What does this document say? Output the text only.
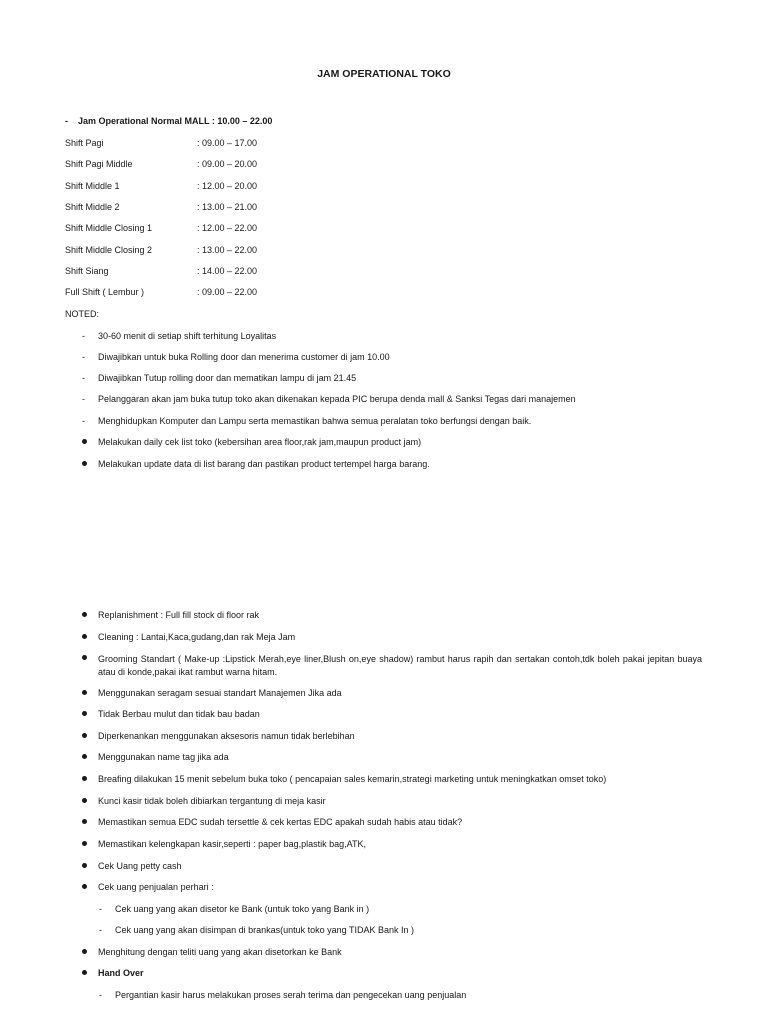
JAM OPERATIONAL TOKO
- Jam Operational Normal MALL : 10.00 – 22.00
Shift Pagi	: 09.00 – 17.00
Shift Pagi Middle	: 09.00 – 20.00
Shift Middle 1	: 12.00 – 20.00
Shift Middle 2	: 13.00 – 21.00
Shift Middle Closing 1	: 12.00 – 22.00
Shift Middle Closing 2	: 13.00 – 22.00
Shift Siang	: 14.00 – 22.00
Full Shift ( Lembur )	: 09.00 – 22.00
NOTED:
-	30-60 menit di setiap shift terhitung Loyalitas
-	Diwajibkan untuk buka Rolling door dan menerima customer di jam 10.00
-	Diwajibkan Tutup rolling door dan mematikan lampu di jam 21.45
-	Pelanggaran akan jam buka tutup toko akan dikenakan kepada PIC berupa denda mall & Sanksi Tegas dari manajemen
-	Menghidupkan Komputer dan Lampu serta memastikan bahwa semua peralatan toko berfungsi dengan baik.
Melakukan daily cek list toko (kebersihan area floor,rak jam,maupun product jam)
Melakukan update data di list barang dan pastikan product tertempel harga barang.
Replanishment : Full fill stock di floor rak
Cleaning : Lantai,Kaca,gudang,dan rak Meja Jam
Grooming Standart ( Make-up :Lipstick Merah,eye liner,Blush on,eye shadow) rambut harus rapih dan sertakan contoh,tdk boleh pakai jepitan buaya atau di konde,pakai ikat rambut warna hitam.
Menggunakan seragam sesuai standart Manajemen Jika ada
Tidak Berbau mulut dan tidak bau badan
Diperkenankan menggunakan aksesoris namun tidak berlebihan
Menggunakan name tag jika ada
Breafing dilakukan 15 menit sebelum buka toko ( pencapaian sales kemarin,strategi marketing untuk meningkatkan omset toko)
Kunci kasir tidak boleh dibiarkan tergantung di meja kasir
Memastikan semua EDC sudah tersettle & cek kertas EDC apakah sudah habis atau tidak?
Memastikan kelengkapan kasir,seperti : paper bag,plastik bag,ATK,
Cek Uang petty cash
Cek uang penjualan perhari :
-	Cek uang yang akan disetor ke Bank (untuk toko yang Bank in )
-	Cek uang yang akan disimpan di brankas(untuk toko yang TIDAK Bank In )
Menghitung dengan teliti uang yang akan disetorkan ke Bank
Hand Over
-	Pergantian kasir harus melakukan proses serah terima dan pengecekan uang penjualan
